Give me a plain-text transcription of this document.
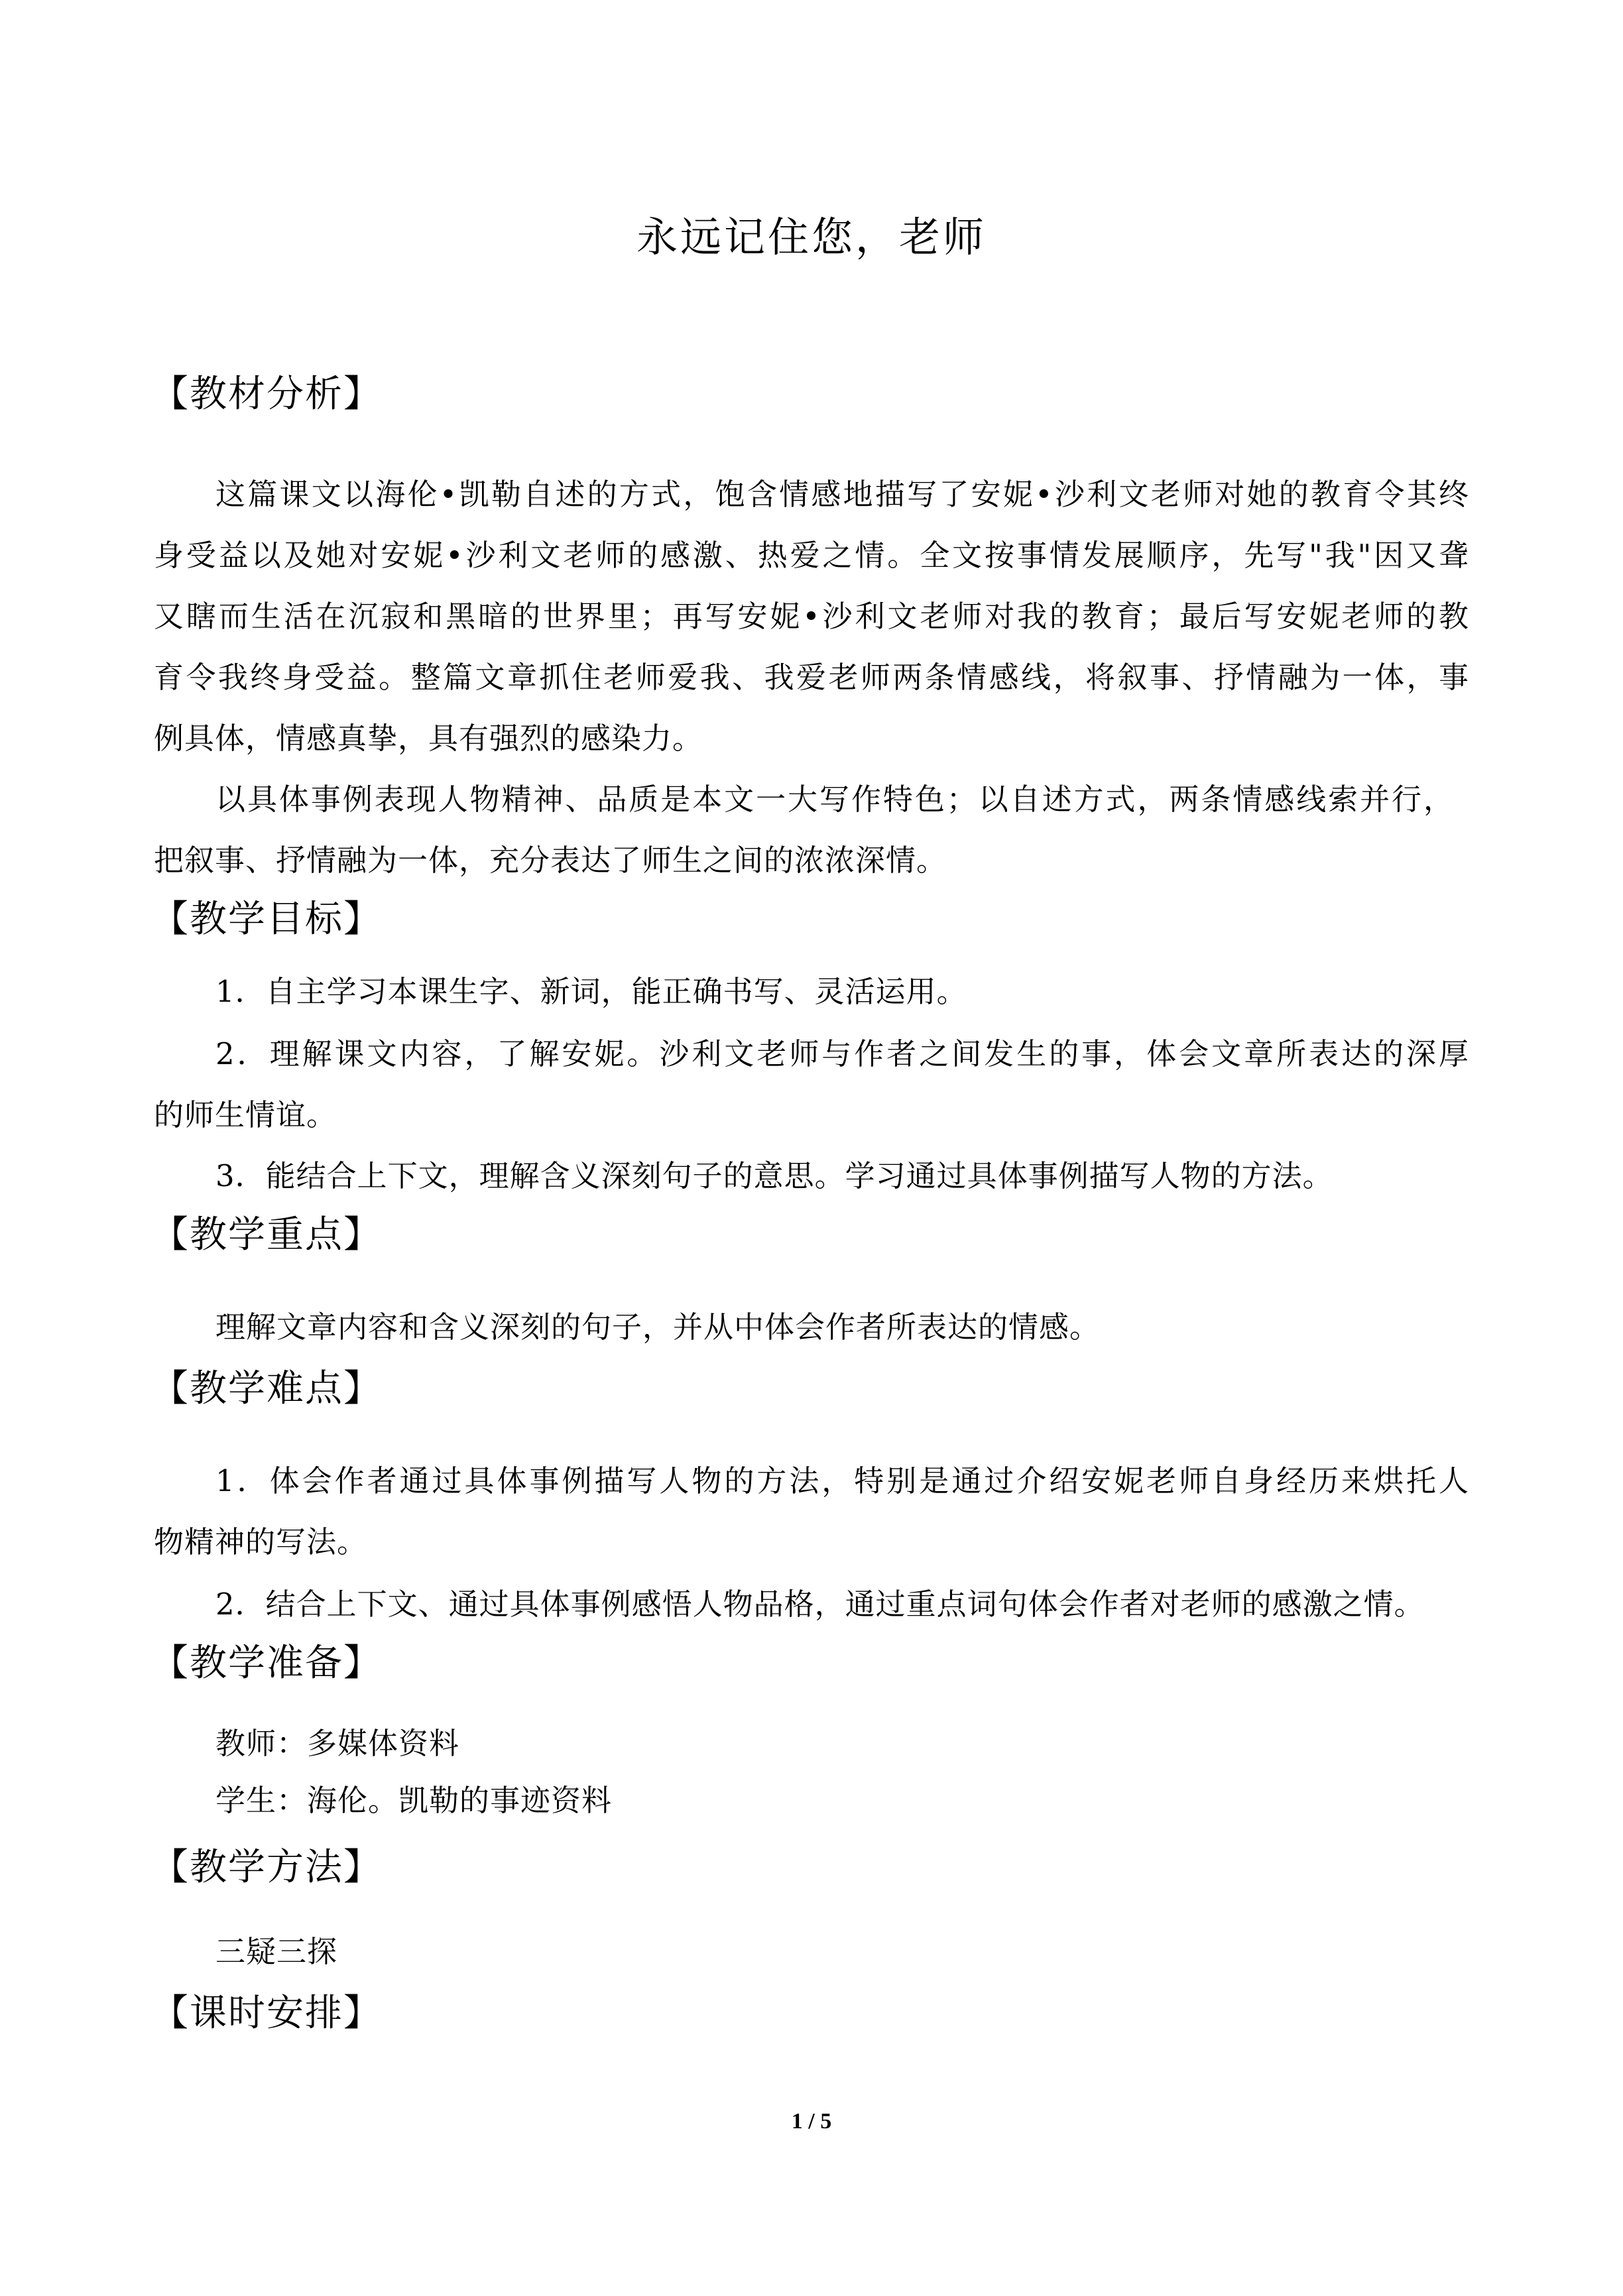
永远记住您，老师
【教材分析】
这篇课文以海伦•凯勒自述的方式，饱含情感地描写了安妮•沙利文老师对她的教育令其终
身受益以及她对安妮•沙利文老师的感激、热爱之情。全文按事情发展顺序，先写"我"因又聋
又瞎而生活在沉寂和黑暗的世界里；再写安妮•沙利文老师对我的教育；最后写安妮老师的教
育令我终身受益。整篇文章抓住老师爱我、我爱老师两条情感线，将叙事、抒情融为一体，事
例具体，情感真挚，具有强烈的感染力。
以具体事例表现人物精神、品质是本文一大写作特色；以自述方式，两条情感线索并行，
把叙事、抒情融为一体，充分表达了师生之间的浓浓深情。
【教学目标】
1．自主学习本课生字、新词，能正确书写、灵活运用。
2．理解课文内容，了解安妮。沙利文老师与作者之间发生的事，体会文章所表达的深厚
的师生情谊。
3．能结合上下文，理解含义深刻句子的意思。学习通过具体事例描写人物的方法。
【教学重点】
理解文章内容和含义深刻的句子，并从中体会作者所表达的情感。
【教学难点】
1．体会作者通过具体事例描写人物的方法，特别是通过介绍安妮老师自身经历来烘托人
物精神的写法。
2．结合上下文、通过具体事例感悟人物品格，通过重点词句体会作者对老师的感激之情。
【教学准备】
教师：多媒体资料
学生：海伦。凯勒的事迹资料
【教学方法】
三疑三探
【课时安排】
1 / 5
